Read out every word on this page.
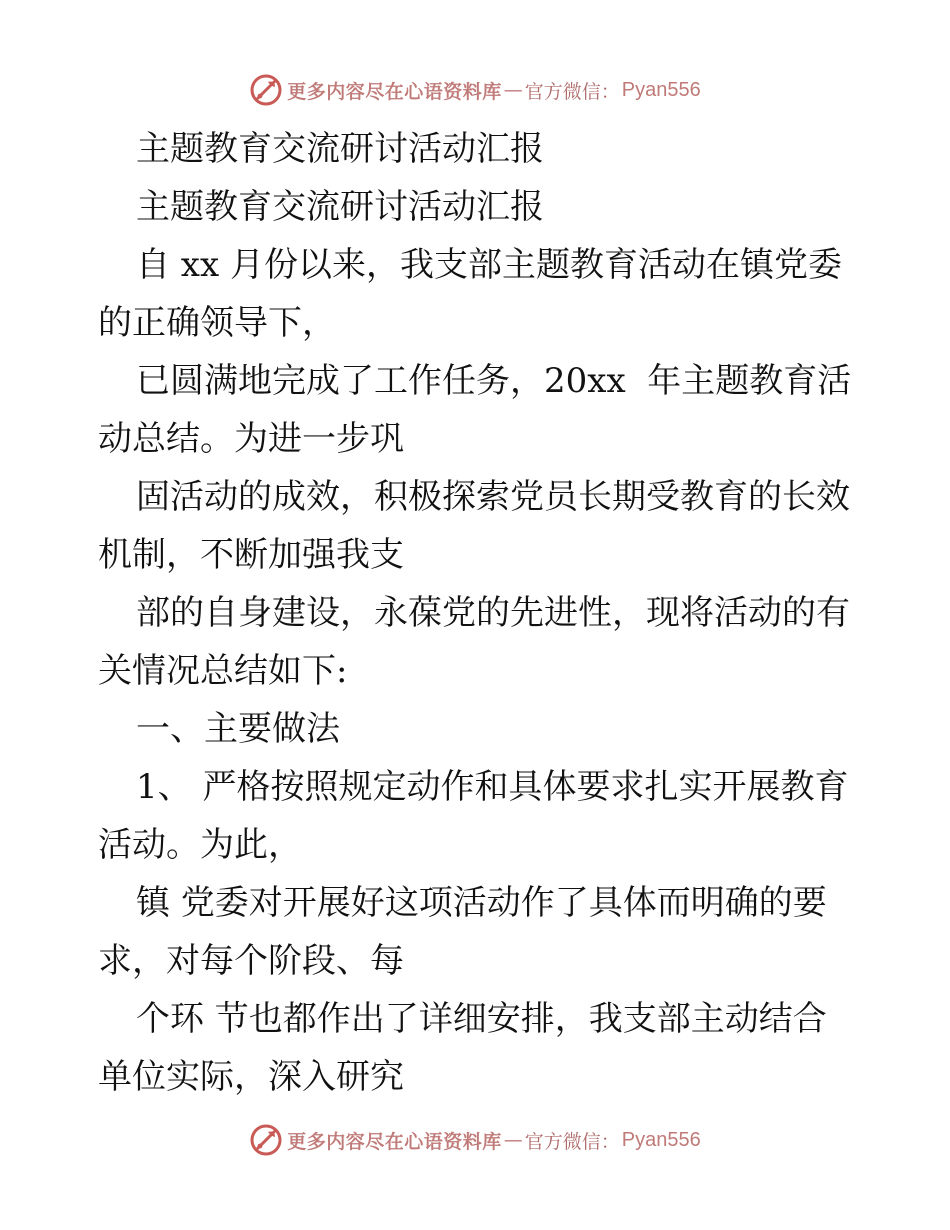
更多内容尽在心语资料库 — 官方微信： Pyan556
主题教育交流研讨活动汇报
主题教育交流研讨活动汇报
自 xx 月份以来，我支部主题教育活动在镇党委
的正确领导下，
已圆满地完成了工作任务，20xx  年主题教育活
动总结。为进一步巩
固活动的成效，积极探索党员长期受教育的长效
机制，不断加强我支
部的自身建设，永葆党的先进性，现将活动的有
关情况总结如下:
一、主要做法
1、 严格按照规定动作和具体要求扎实开展教育
活动。为此，
镇 党委对开展好这项活动作了具体而明确的要
求，对每个阶段、每
个环 节也都作出了详细安排，我支部主动结合
单位实际，深入研究
更多内容尽在心语资料库 — 官方微信： Pyan556
